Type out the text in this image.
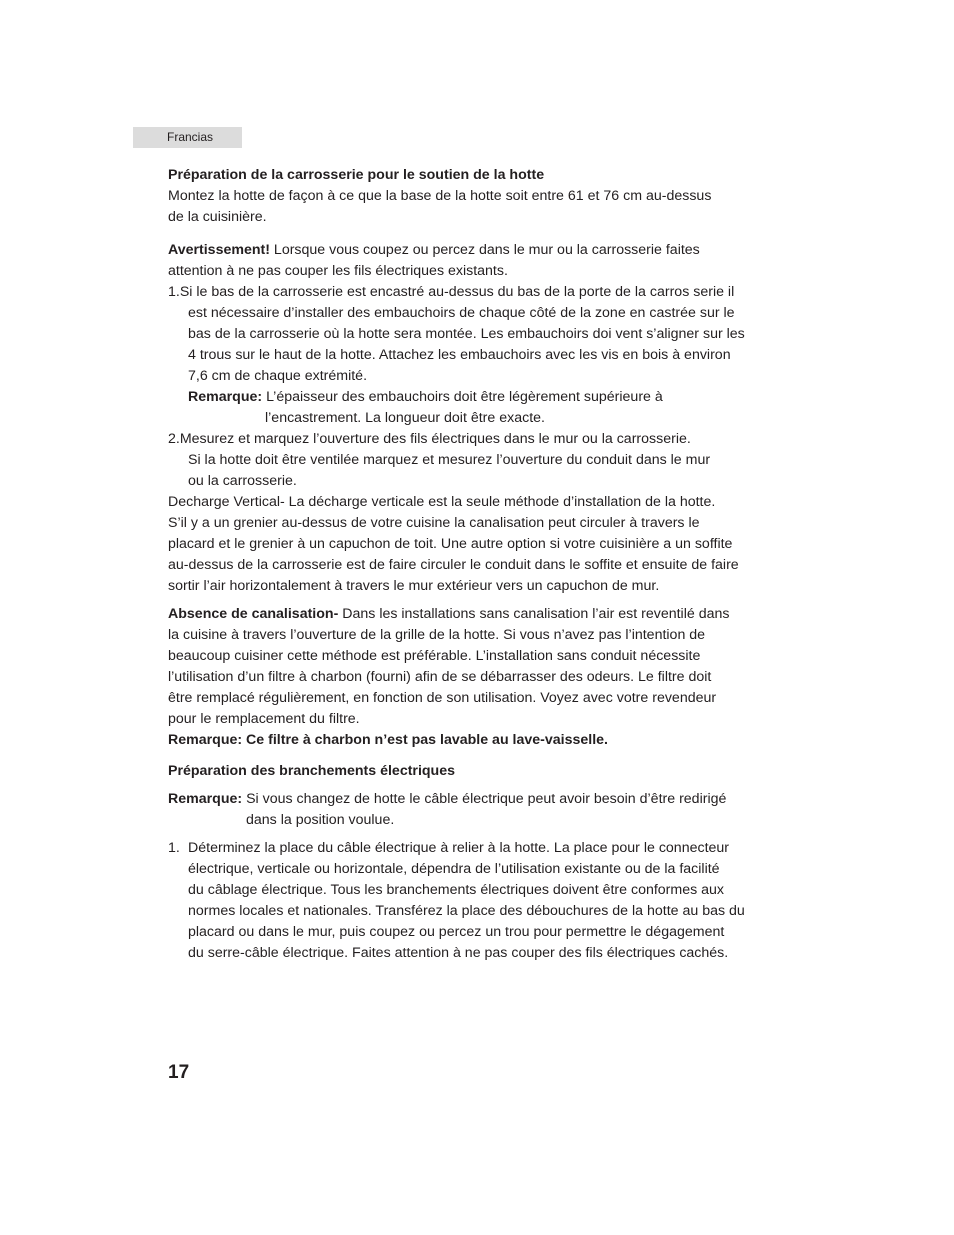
Francias

Préparation de la carrosserie pour le soutien de la hotte

Montez la hotte de façon à ce que la base de la hotte soit entre 61 et 76 cm au-dessus

de la cuisinière.

Avertissement! Lorsque vous coupez ou percez dans le mur ou la carrosserie faites

attention à ne pas couper les fils électriques existants.

1.Si le bas de la carrosserie est encastré au-dessus du bas de la porte de la carros serie il

est nécessaire d’installer des embauchoirs de chaque côté de la zone en castrée sur le

bas de la carrosserie où la hotte sera montée. Les embauchoirs doi vent s’aligner sur les

4 trous sur le haut de la hotte. Attachez les embauchoirs avec les vis en bois à environ

7,6 cm de chaque extrémité.

Remarque: L’épaisseur des embauchoirs doit être légèrement supérieure à
l’encastrement. La longueur doit être exacte.

2.Mesurez et marquez l’ouverture des fils électriques dans le mur ou la carrosserie.

Si la hotte doit être ventilée marquez et mesurez l’ouverture du conduit dans le mur

ou la carrosserie.

Decharge Vertical- La décharge verticale est la seule méthode d’installation de la hotte.

S’il y a un grenier au-dessus de votre cuisine la canalisation peut circuler à travers le

placard et le grenier à un capuchon de toit. Une autre option si votre cuisinière a un soffite

au-dessus de la carrosserie est de faire circuler le conduit dans le soffite et ensuite de faire

sortir l’air horizontalement à travers le mur extérieur vers un capuchon de mur.

Absence de canalisation- Dans les installations sans canalisation l’air est reventilé dans

la cuisine à travers l’ouverture de la grille de la hotte. Si vous n’avez pas l’intention de

beaucoup cuisiner cette méthode est préférable. L’installation sans conduit nécessite

l’utilisation d’un filtre à charbon (fourni) afin de se débarrasser des odeurs. Le filtre doit

être remplacé régulièrement, en fonction de son utilisation. Voyez avec votre revendeur

pour le remplacement du filtre.

Remarque: Ce filtre à charbon n’est pas lavable au lave-vaisselle.

Préparation des branchements électriques

Remarque: Si vous changez de hotte le câble électrique peut avoir besoin d’être redirigé

dans la position voulue.

1. Déterminez la place du câble électrique à relier à la hotte. La place pour le connecteur

électrique, verticale ou horizontale, dépendra de l’utilisation existante ou de la facilité

du câblage électrique. Tous les branchements électriques doivent être conformes aux

normes locales et nationales. Transférez la place des débouchures de la hotte au bas du

placard ou dans le mur, puis coupez ou percez un trou pour permettre le dégagement

du serre-câble électrique. Faites attention à ne pas couper des fils électriques cachés.

17
